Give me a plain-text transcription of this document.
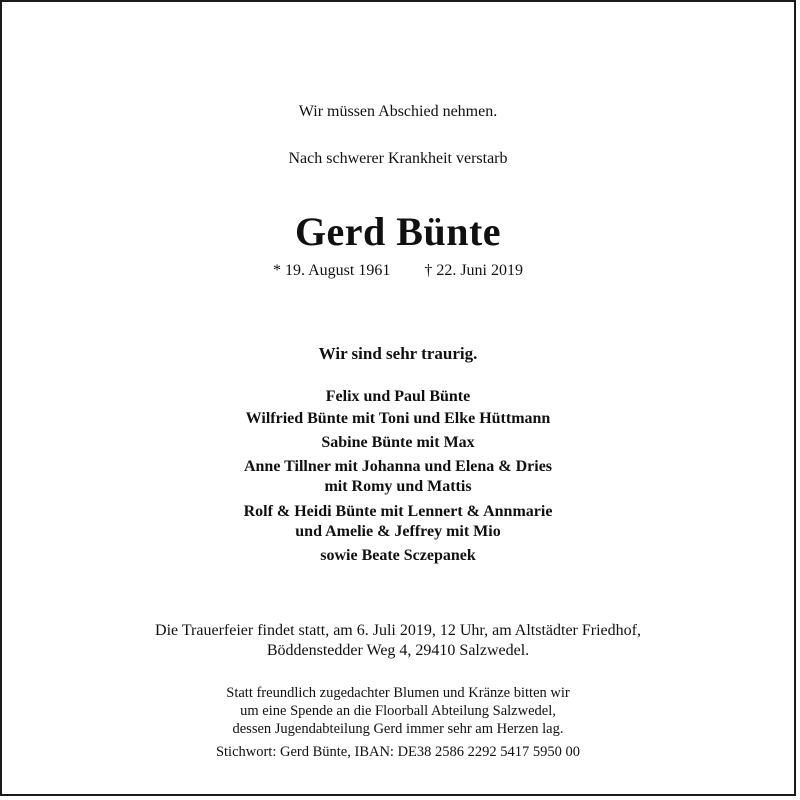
Wir müssen Abschied nehmen.
Nach schwerer Krankheit verstarb
Gerd Bünte
* 19. August 1961 † 22. Juni 2019
Wir sind sehr traurig.
Felix und Paul Bünte
Wilfried Bünte mit Toni und Elke Hüttmann
Sabine Bünte mit Max
Anne Tillner mit Johanna und Elena & Dries
mit Romy und Mattis
Rolf & Heidi Bünte mit Lennert & Annmarie
und Amelie & Jeffrey mit Mio
sowie Beate Sczepanek
Die Trauerfeier findet statt, am 6. Juli 2019, 12 Uhr, am Altstädter Friedhof,
Böddenstedder Weg 4, 29410 Salzwedel.
Statt freundlich zugedachter Blumen und Kränze bitten wir
um eine Spende an die Floorball Abteilung Salzwedel,
dessen Jugendabteilung Gerd immer sehr am Herzen lag.
Stichwort: Gerd Bünte, IBAN: DE38 2586 2292 5417 5950 00
